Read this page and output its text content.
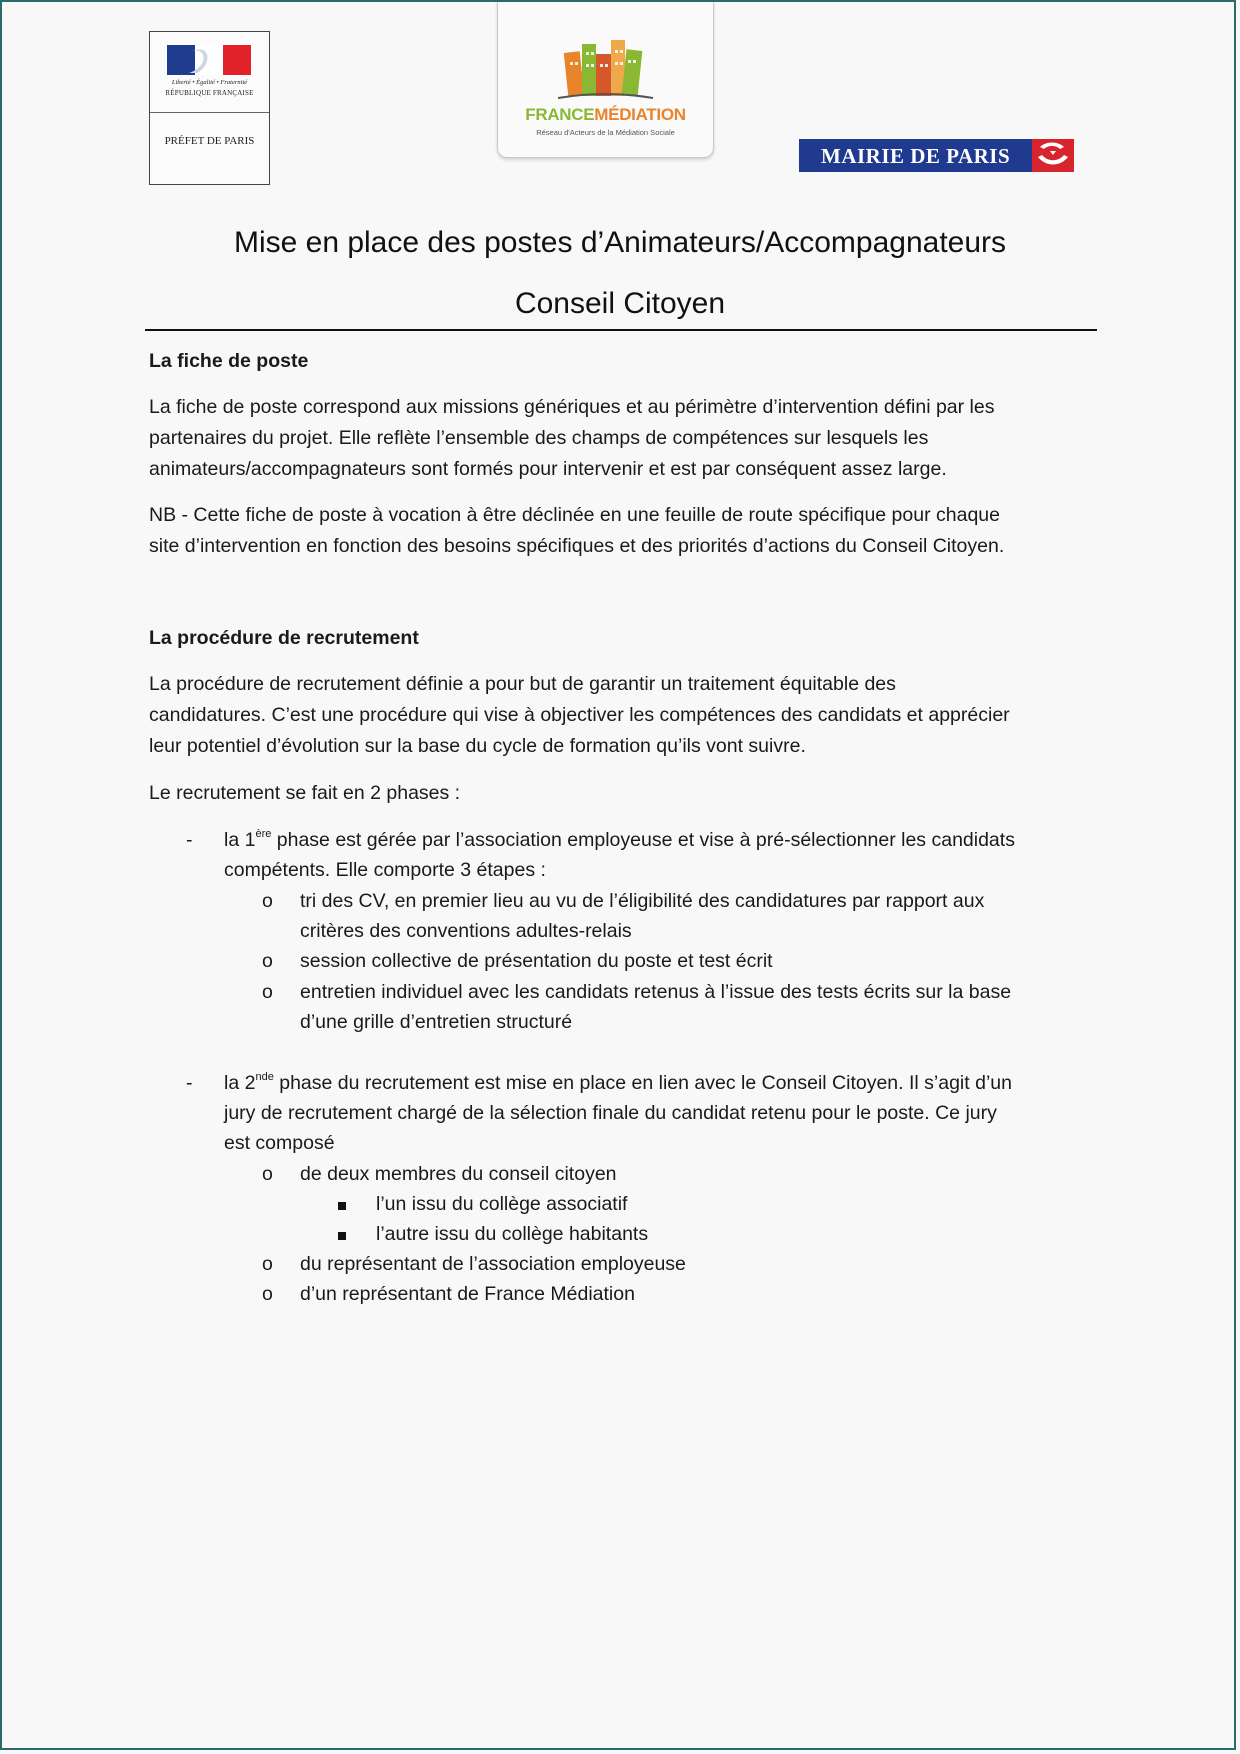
Liberté • Égalité • Fraternité
RÉPUBLIQUE FRANÇAISE
PRÉFET DE PARIS
FRANCEMÉDIATION
Réseau d'Acteurs de la Médiation Sociale
MAIRIE DE PARIS
Mise en place des postes d’Animateurs/Accompagnateurs
Conseil Citoyen
La fiche de poste
La fiche de poste correspond aux missions génériques et au périmètre d’intervention défini par les
partenaires du projet. Elle reflète l’ensemble des champs de compétences sur lesquels les
animateurs/accompagnateurs sont formés pour intervenir et est par conséquent assez large.
NB - Cette fiche de poste à vocation à être déclinée en une feuille de route spécifique pour chaque
site d’intervention en fonction des besoins spécifiques et des priorités d’actions du Conseil Citoyen.
La procédure de recrutement
La procédure de recrutement définie a pour but de garantir un traitement équitable des
candidatures. C’est une procédure qui vise à objectiver les compétences des candidats et apprécier
leur potentiel d’évolution sur la base du cycle de formation qu’ils vont suivre.
Le recrutement se fait en 2 phases :
- la 1ère phase est gérée par l’association employeuse et vise à pré-sélectionner les candidats
compétents. Elle comporte 3 étapes :
o tri des CV, en premier lieu au vu de l’éligibilité des candidatures par rapport aux
critères des conventions adultes-relais
o session collective de présentation du poste et test écrit
o entretien individuel avec les candidats retenus à l’issue des tests écrits sur la base
d’une grille d’entretien structuré
- la 2nde phase du recrutement est mise en place en lien avec le Conseil Citoyen. Il s’agit d’un
jury de recrutement chargé de la sélection finale du candidat retenu pour le poste. Ce jury
est composé
o de deux membres du conseil citoyen
l’un issu du collège associatif
l’autre issu du collège habitants
o du représentant de l’association employeuse
o d’un représentant de France Médiation
